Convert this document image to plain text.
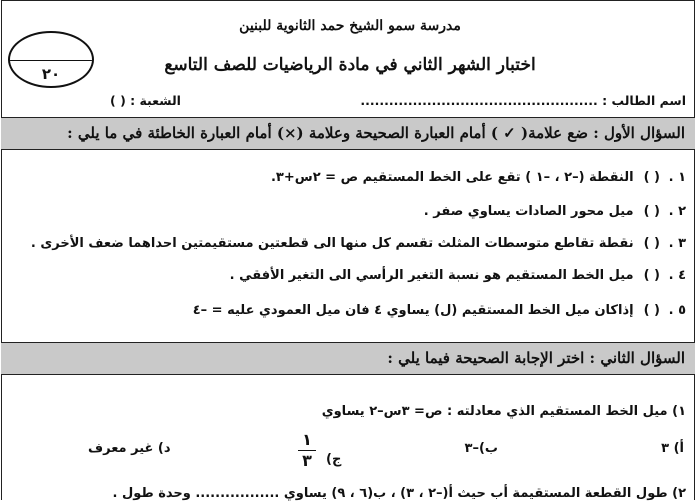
مدرسة سمو الشيخ حمد الثانوية للبنين
اختبار الشهر الثاني في مادة الرياضيات للصف التاسع
٢٠
اسم الطالب : ..................................................
الشعبة : ( )
السؤال الأول : ضع علامة( ✓ ) أمام العبارة الصحيحة وعلامة (×) أمام العبارة الخاطئة في ما يلي :
١ .( )النقطة (–٢ ، –١ ) تقع على الخط المستقيم ص = ٢س+٣.
٢ .( )ميل محور الصادات يساوي صفر .
٣ .( )نقطة تقاطع متوسطات المثلث تقسم كل منها الى قطعتين مستقيمتين احداهما ضعف الأخرى .
٤ .( )ميل الخط المستقيم هو نسبة التغير الرأسي الى التغير الأفقي .
٥ .( )إذاكان ميل الخط المستقيم (ل) يساوي ٤ فان ميل العمودي عليه = –٤
السؤال الثاني : اختر الإجابة الصحيحة فيما يلي :
١) ميل الخط المستقيم الذي معادلته : ص= ٣س–٢ يساوي
أ) ٣
ب)–٣
ج)
١
٣
د) غير معرف
٢) طول القطعة المستقيمة أب حيث أ(–٢ ، ٣) ، ب(٦ ، ٩) يساوي ................. وحدة طول .
